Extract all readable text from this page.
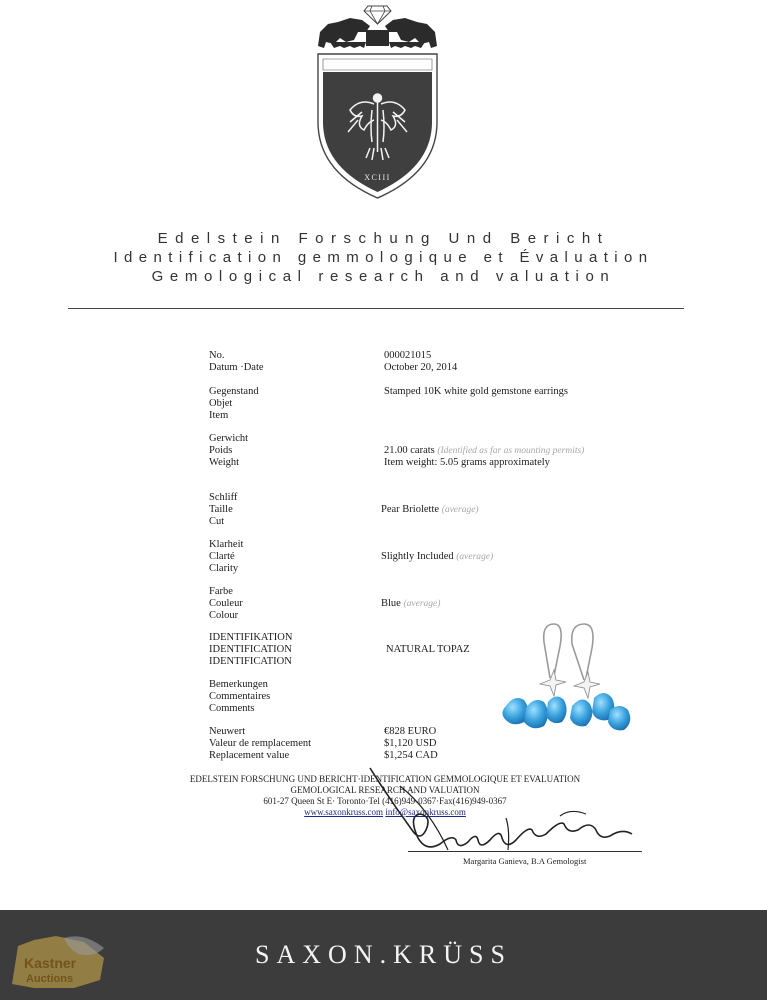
XCIII
Edelstein Forschung Und Bericht
Identification gemmologique et Évaluation
Gemological research and valuation
No.	000021015
Datum ·Date	October 20, 2014
Gegenstand
Objet
Item
Stamped 10K white gold gemstone earrings
Gerwicht
Poids
Weight
21.00 carats (Identified as far as mounting permits)
Item weight: 5.05 grams approximately
Schliff
Taille
Cut
Pear Briolette (average)
Klarheit
Clarté
Clarity
Slightly Included (average)
Farbe
Couleur
Colour
Blue (average)
IDENTIFIKATION
IDENTIFICATION
IDENTIFICATION
NATURAL TOPAZ
Bemerkungen
Commentaires
Comments
Neuwert
Valeur de remplacement
Replacement value
€828 EURO
$1,120 USD
$1,254 CAD
EDELSTEIN FORSCHUNG UND BERICHT·IDENTIFICATION GEMMOLOGIQUE ET EVALUATION
GEMOLOGICAL RESEARCH AND VALUATION
601-27 Queen St E· Toronto·Tel (416)949-0367·Fax(416)949-0367
www.saxonkruss.com info@saxonkruss.com
Margarita Ganieva, B.A Gemologist
SAXON.KRÜSS
Kastner
Auctions
